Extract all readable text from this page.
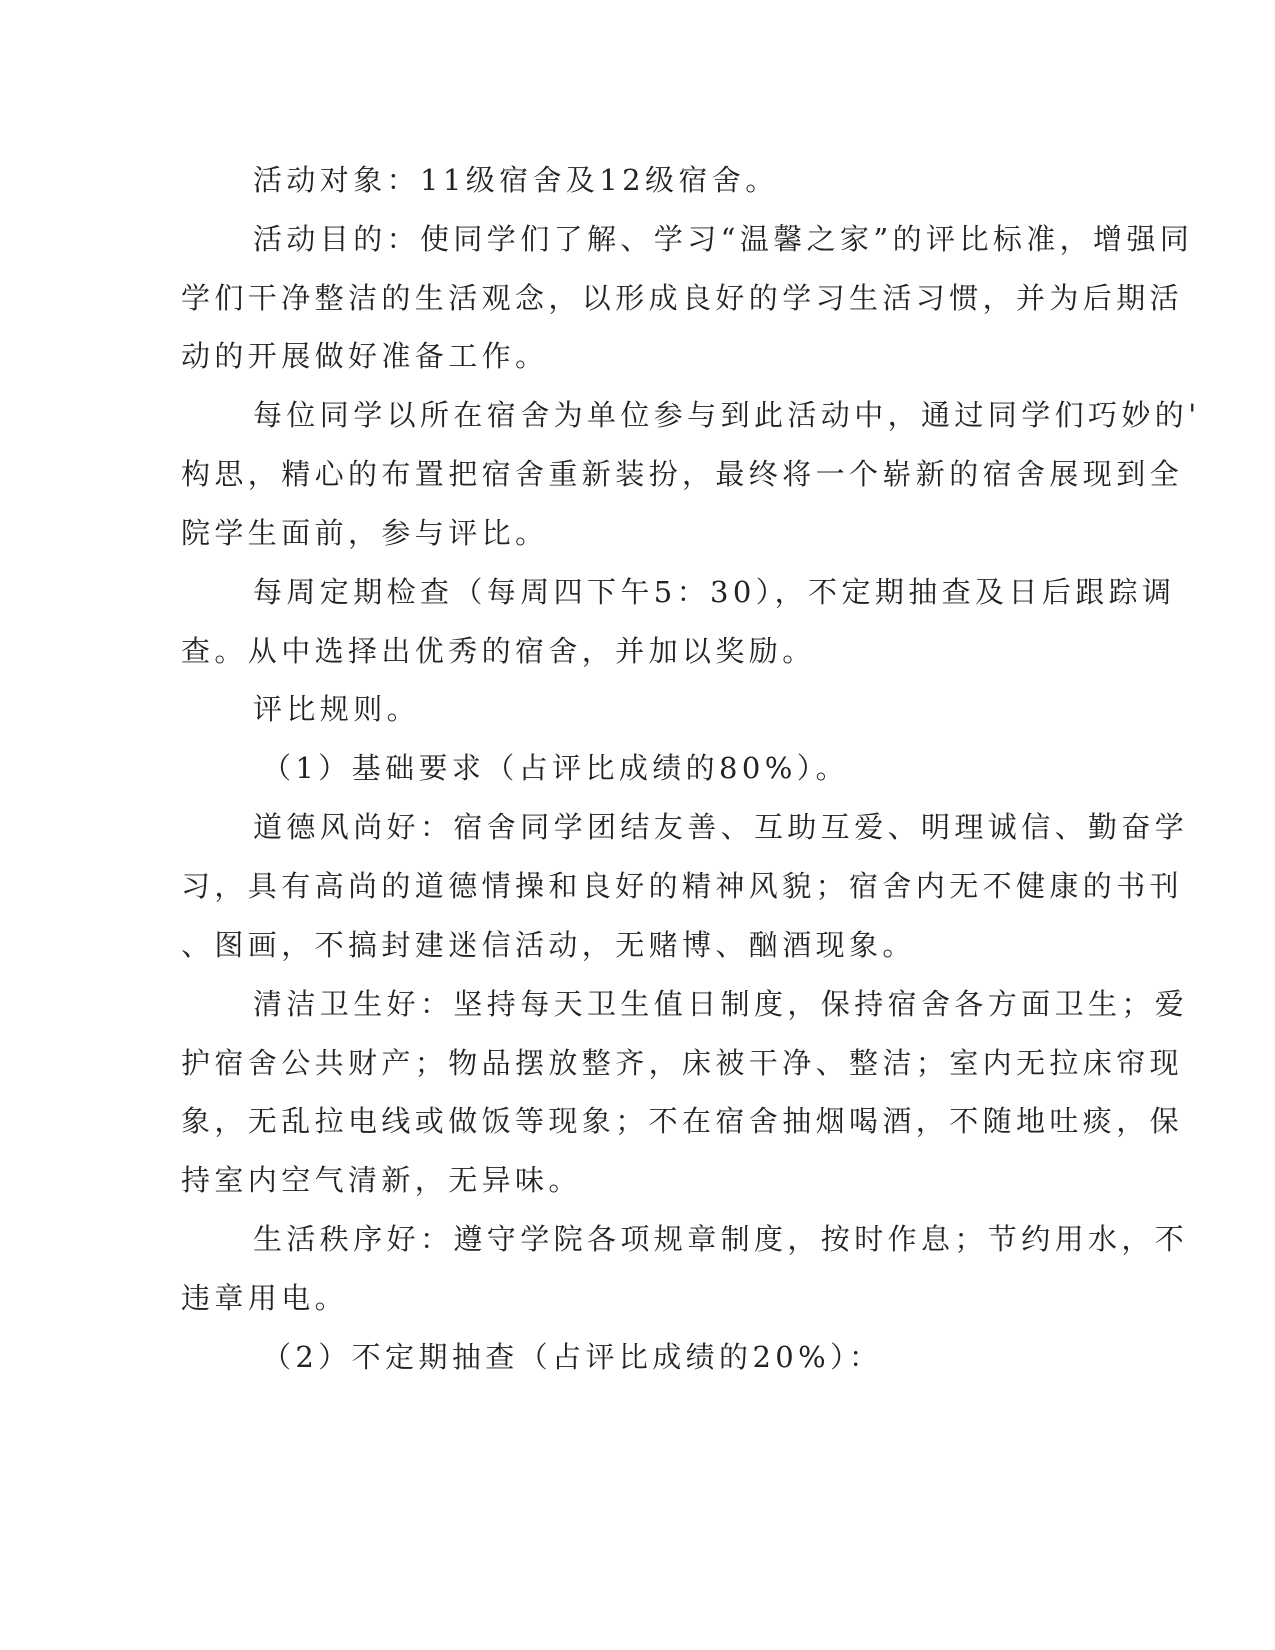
活动对象：11级宿舍及12级宿舍。
活动目的：使同学们了解、学习“温馨之家”的评比标准，增强同
学们干净整洁的生活观念，以形成良好的学习生活习惯，并为后期活
动的开展做好准备工作。
每位同学以所在宿舍为单位参与到此活动中，通过同学们巧妙的'
构思，精心的布置把宿舍重新装扮，最终将一个崭新的宿舍展现到全
院学生面前，参与评比。
每周定期检查（每周四下午5：30），不定期抽查及日后跟踪调
查。从中选择出优秀的宿舍，并加以奖励。
评比规则。
（1）基础要求（占评比成绩的80%）。
道德风尚好：宿舍同学团结友善、互助互爱、明理诚信、勤奋学
习，具有高尚的道德情操和良好的精神风貌；宿舍内无不健康的书刊
、图画，不搞封建迷信活动，无赌博、酗酒现象。
清洁卫生好：坚持每天卫生值日制度，保持宿舍各方面卫生；爱
护宿舍公共财产；物品摆放整齐，床被干净、整洁；室内无拉床帘现
象，无乱拉电线或做饭等现象；不在宿舍抽烟喝酒，不随地吐痰，保
持室内空气清新，无异味。
生活秩序好：遵守学院各项规章制度，按时作息；节约用水，不
违章用电。
（2）不定期抽查（占评比成绩的20%）：
